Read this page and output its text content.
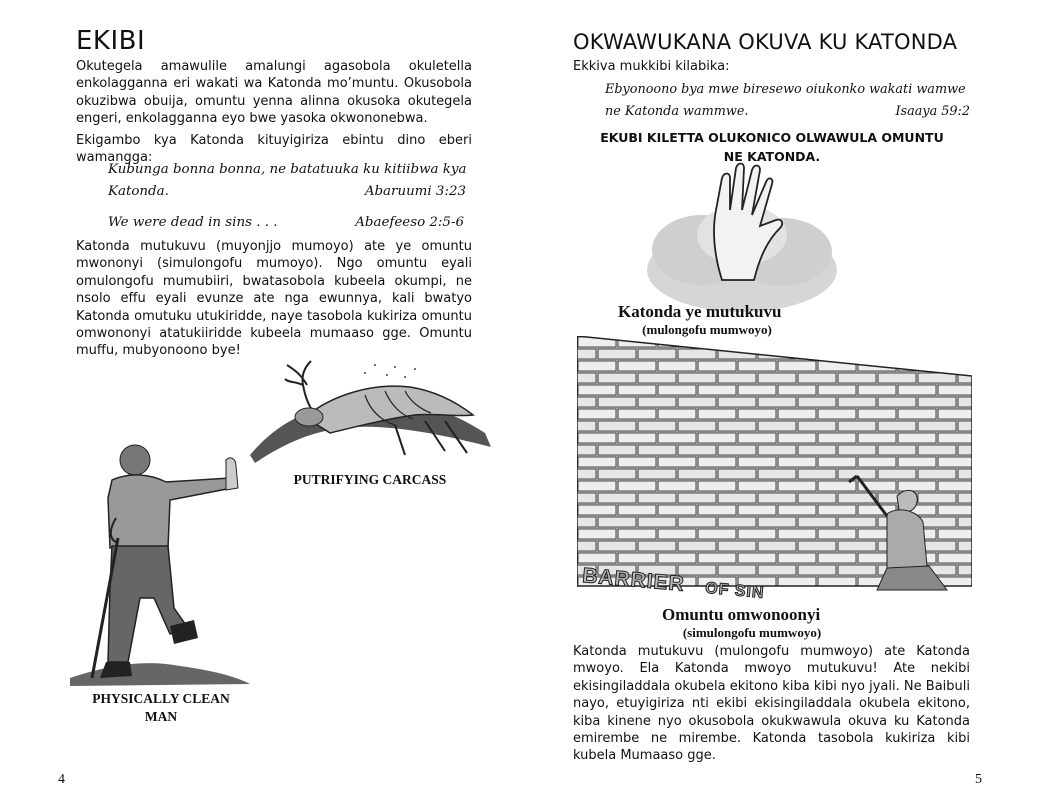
EKIBI

Okutegela amawulile amalungi agasobola okuletella enkolagganna eri wakati wa Katonda mo’muntu. Okusobola okuzibwa obuija, omuntu yenna alinna okusoka okutegela engeri, enkolagganna eyo bwe yasoka okwononebwa.

Ekigambo kya Katonda kituyigiriza ebintu dino eberi wamangga:

Kubunga bonna bonna, ne batatuuka ku kitiibwa kya
Katonda.	Abaruumi 3:23
We were dead in sins . . .	Abaefeeso 2:5-6

Katonda mutukuvu (muyonjjo mumoyo) ate ye omuntu mwononyi (simulongofu mumoyo). Ngo omuntu eyali omulongofu mumubiiri, bwatasobola kubeela okumpi, ne nsolo effu eyali evunze ate nga ewunnya, kali bwatyo Katonda omutuku utukiridde, naye tasobola kukiriza omuntu omwononyi atatukiiridde kubeela mumaaso gge. Omuntu muffu, mubyonoono bye!

PUTRIFYING CARCASS
PHYSICALLY CLEAN
MAN
4
OKWAWUKANA OKUVA KU KATONDA
Ekkiva mukkibi kilabika:
Ebyonoono bya mwe biresewo oiukonko wakati wamwe
ne Katonda wammwe.	Isaaya 59:2
EKUBI KILETTA OLUKONICO OLWAWULA OMUNTU
NE KATONDA.
Katonda ye mutukuvu
(mulongofu mumwoyo)
BARRIER OF SIN
Omuntu omwonoonyi
(simulongofu mumwoyo)

Katonda mutukuvu (mulongofu mumwoyo) ate Katonda mwoyo. Ela Katonda mwoyo mutukuvu! Ate nekibi ekisingiladdala okubela ekitono kiba kibi nyo jyali. Ne Baibuli nayo, etuyigiriza nti ekibi ekisingiladdala okubela ekitono, kiba kinene nyo okusobola okukwawula okuva ku Katonda emirembe ne mirembe. Katonda tasobola kukiriza kibi kubela Mumaaso gge.

5
